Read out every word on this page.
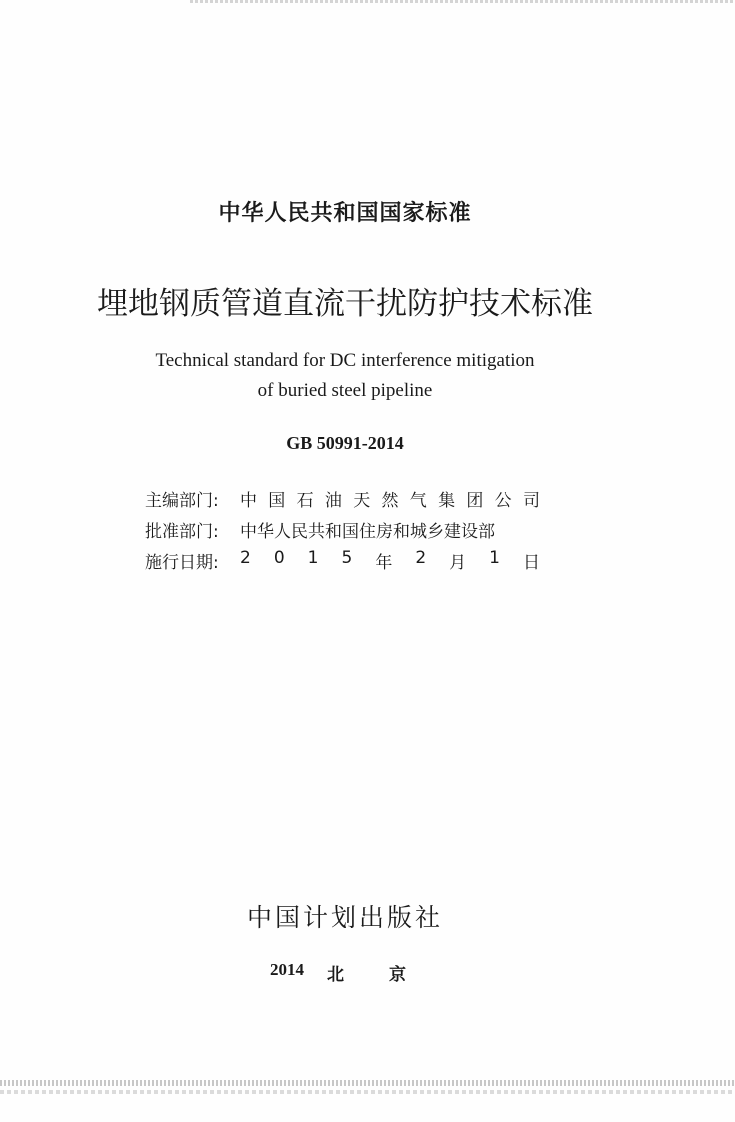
中华人民共和国国家标准
埋地钢质管道直流干扰防护技术标准
Technical standard for DC interference mitigation
of buried steel pipeline
GB 50991-2014
主编部门: 中 国 石 油 天 然 气 集 团 公 司
批准部门: 中华人民共和国住房和城乡建设部
施行日期: 2 0 1 5 年 2 月 1 日
中国计划出版社
2014 北	京
